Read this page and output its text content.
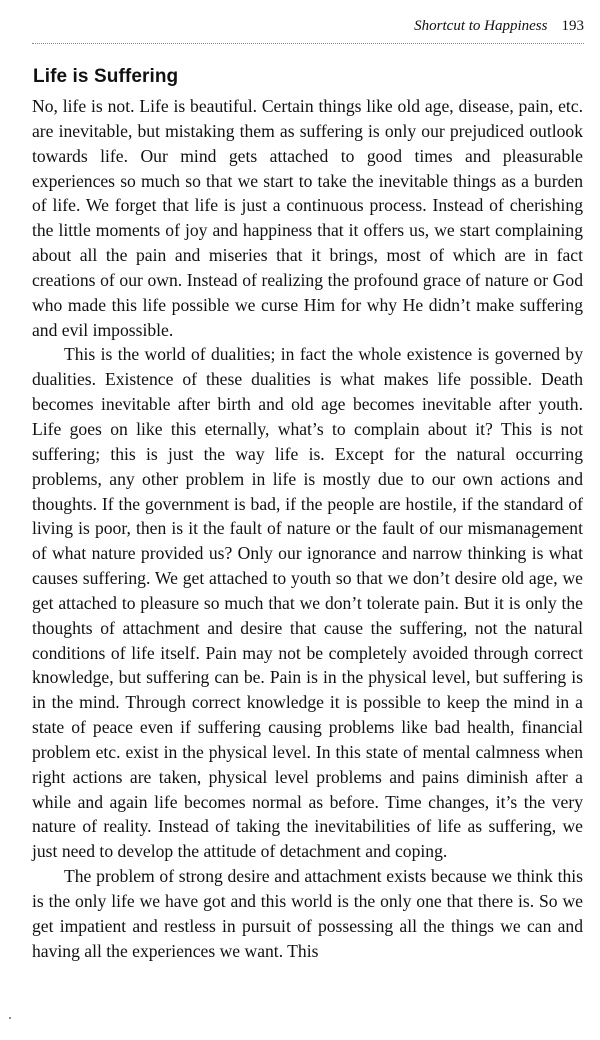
Shortcut to Happiness 193
Life is Suffering

No, life is not. Life is beautiful. Certain things like old age, disease, pain, etc. are inevitable, but mistaking them as suffering is only our prejudiced outlook towards life. Our mind gets attached to good times and pleasurable experiences so much so that we start to take the inevitable things as a burden of life. We forget that life is just a continuous process. Instead of cherishing the little moments of joy and happiness that it offers us, we start complaining about all the pain and miseries that it brings, most of which are in fact creations of our own. Instead of realizing the profound grace of nature or God who made this life possible we curse Him for why He didn’t make suffering and evil impossible.

This is the world of dualities; in fact the whole existence is governed by dualities. Existence of these dualities is what makes life possible. Death becomes inevitable after birth and old age becomes inevitable after youth. Life goes on like this eternally, what’s to complain about it? This is not suffering; this is just the way life is. Except for the natural occurring problems, any other problem in life is mostly due to our own actions and thoughts. If the government is bad, if the people are hostile, if the standard of living is poor, then is it the fault of nature or the fault of our mismanagement of what nature provided us? Only our ignorance and narrow thinking is what causes suffering. We get attached to youth so that we don’t desire old age, we get attached to pleasure so much that we don’t tolerate pain. But it is only the thoughts of attachment and desire that cause the suffering, not the natural conditions of life itself. Pain may not be completely avoided through correct knowledge, but suffering can be. Pain is in the physical level, but suffering is in the mind. Through correct knowledge it is possible to keep the mind in a state of peace even if suffering causing problems like bad health, financial problem etc. exist in the physical level. In this state of mental calmness when right actions are taken, physical level problems and pains diminish after a while and again life becomes normal as before. Time changes, it’s the very nature of reality. Instead of taking the inevitabilities of life as suffering, we just need to develop the attitude of detachment and coping.

The problem of strong desire and attachment exists because we think this is the only life we have got and this world is the only one that there is. So we get impatient and restless in pursuit of possessing all the things we can and having all the experiences we want. This
